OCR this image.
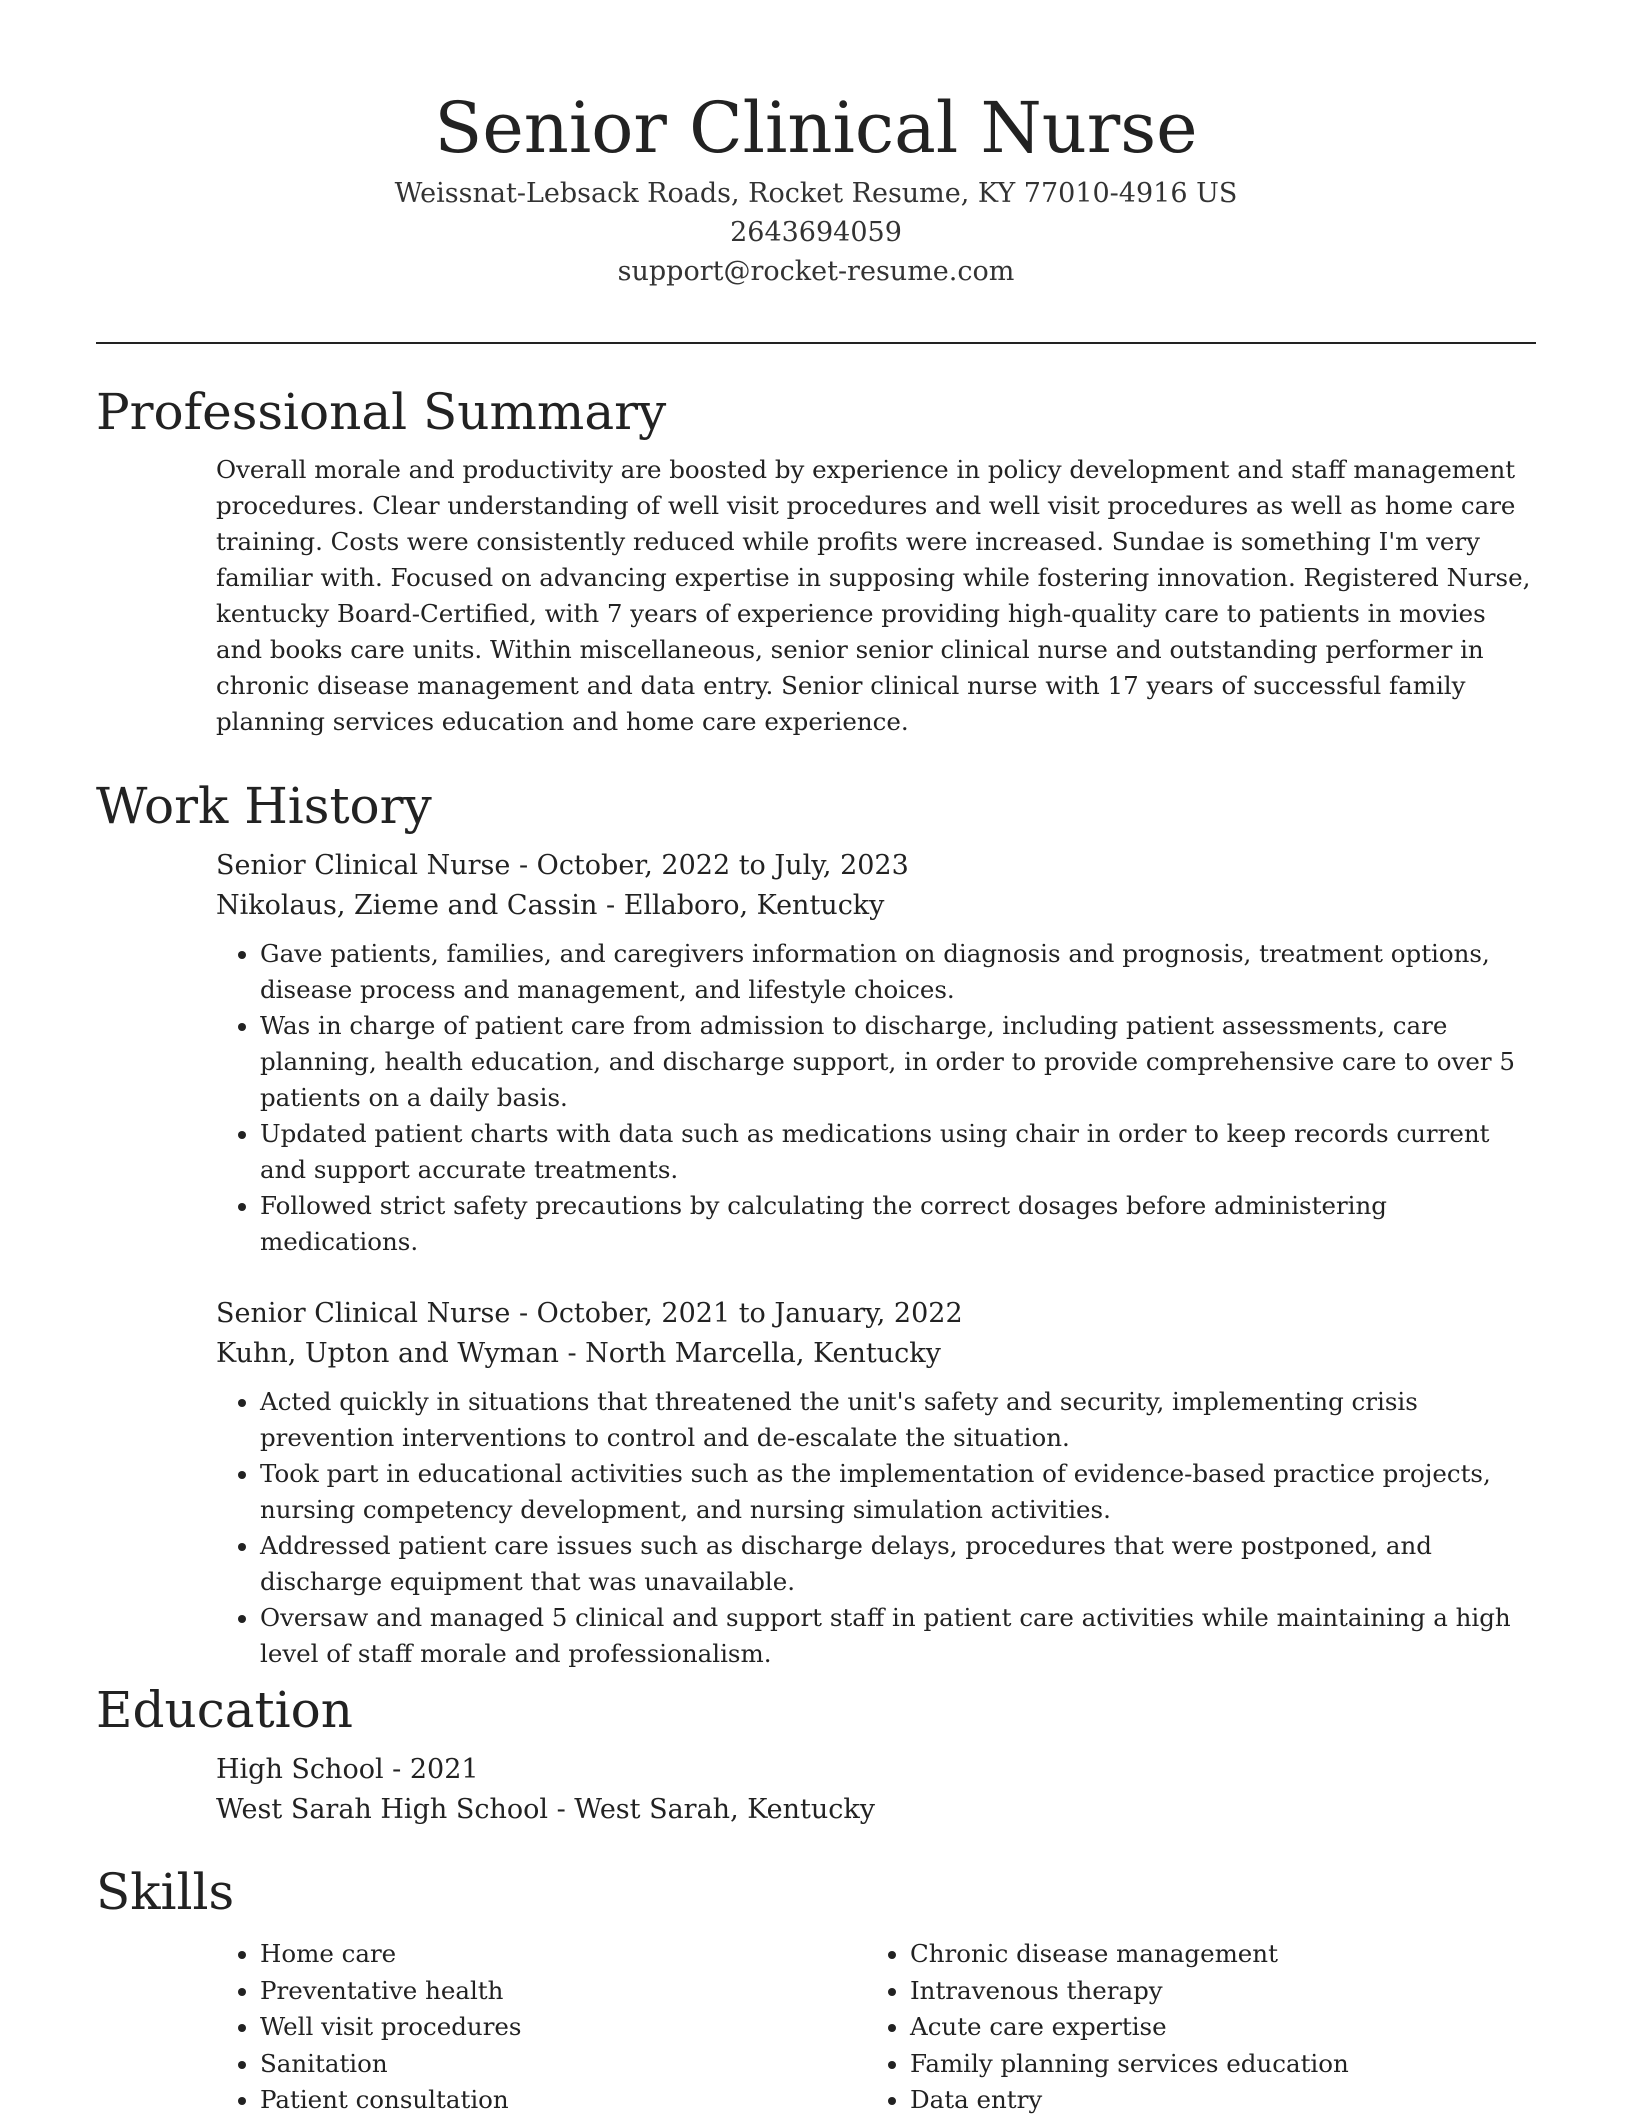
Senior Clinical Nurse
Weissnat-Lebsack Roads, Rocket Resume, KY 77010-4916 US
2643694059
support@rocket-resume.com
Professional Summary

Overall morale and productivity are boosted by experience in policy development and staff management procedures. Clear understanding of well visit procedures and well visit procedures as well as home care training. Costs were consistently reduced while profits were increased. Sundae is something I'm very familiar with. Focused on advancing expertise in supposing while fostering innovation. Registered Nurse, kentucky Board-Certified, with 7 years of experience providing high-quality care to patients in movies and books care units. Within miscellaneous, senior senior clinical nurse and outstanding performer in chronic disease management and data entry. Senior clinical nurse with 17 years of successful family planning services education and home care experience.

Work History
Senior Clinical Nurse - October, 2022 to July, 2023
Nikolaus, Zieme and Cassin - Ellaboro, Kentucky
• Gave patients, families, and caregivers information on diagnosis and prognosis, treatment options, disease process and management, and lifestyle choices.
• Was in charge of patient care from admission to discharge, including patient assessments, care planning, health education, and discharge support, in order to provide comprehensive care to over 5 patients on a daily basis.
• Updated patient charts with data such as medications using chair in order to keep records current and support accurate treatments.
• Followed strict safety precautions by calculating the correct dosages before administering medications.
Senior Clinical Nurse - October, 2021 to January, 2022
Kuhn, Upton and Wyman - North Marcella, Kentucky
• Acted quickly in situations that threatened the unit's safety and security, implementing crisis prevention interventions to control and de-escalate the situation.
• Took part in educational activities such as the implementation of evidence-based practice projects, nursing competency development, and nursing simulation activities.
• Addressed patient care issues such as discharge delays, procedures that were postponed, and discharge equipment that was unavailable.
• Oversaw and managed 5 clinical and support staff in patient care activities while maintaining a high level of staff morale and professionalism.
Education
High School - 2021
West Sarah High School - West Sarah, Kentucky
Skills
• Home care
• Preventative health
• Well visit procedures
• Sanitation
• Patient consultation
• Chronic disease management
• Intravenous therapy
• Acute care expertise
• Family planning services education
• Data entry
